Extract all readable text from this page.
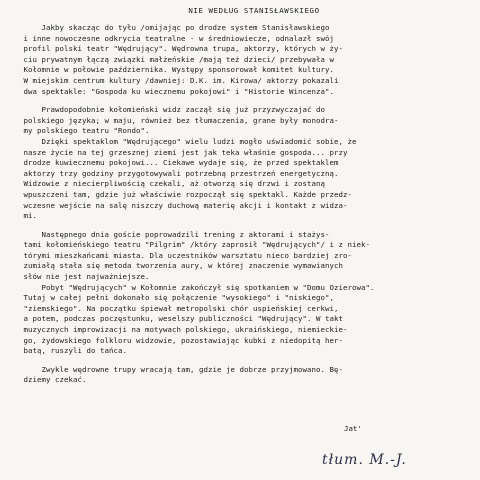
NIE WEDŁUG STANISŁAWSKIEGO
Jakby skacząc do tyłu /omijając po drodze system Stanisławskiego
i inne nowoczesne odkrycia teatralne - w średniowiecze, odnalazł swój
profil polski teatr "Wędrujący". Wędrowna trupa, aktorzy, których w ży-
ciu prywatnym łączą związki małżeńskie /mają też dzieci/ przebywała w
Kołomnie w połowie października. Występy sponsorował komitet kultury.
W miejskim centrum kultury /dawniej: D.K. im. Kirowa/ aktorzy pokazali
dwa spektakle: "Gospoda ku wiecznemu pokojowi" i "Historie Wincenza".
Prawdopodobnie kołomieński widz zaczął się już przyzwyczajać do
polskiego języka; w maju, również bez tłumaczenia, grane były monodra-
my polskiego teatru "Rondo".
Dzięki spektaklom "Wędrującego" wielu ludzi mogło uświadomić sobie, że
nasze życie na tej grzesznej ziemi jest jak teka właśnie gospoda... przy
drodze kuwiecznemu pokojowi... Ciekawe wydaje się, że przed spektaklem
aktorzy trzy godziny przygotowywali potrzebną przestrzeń energetyczną.
Widzowie z niecierpliwością czekali, aż otworzą się drzwi i zostaną
wpuszczeni tam, gdzie już właściwie rozpoczął się spektakl. Każde przedz-
wczesne wejście na salę niszczy duchową materię akcji i kontakt z widza-
mi.
Następnego dnia goście poprowadzili trening z aktorami i stażys-
tami kołomieńskiego teatru "Pilgrim" /który zaprosił "Wędrujących"/ i z niek-
tórymi mieszkańcami miasta. Dla uczestników warsztatu nieco bardziej zro-
zumiałą stała się metoda tworzenia aury, w której znaczenie wymawianych
słów nie jest najważniejsze.
Pobyt "Wędrujących" w Kołomnie zakończył się spotkaniem w "Domu Ozierowa".
Tutaj w całej pełni dokonało się połączenie "wysokiego" i "niskiego",
"ziemskiego". Na początku śpiewał metropolski chór uspieńskiej cerkwi,
a potem, podczas poczęstunku, weselszy publiczności "Wędrujący". W takt
muzycznych improwizacji na motywach polskiego, ukraińskiego, niemieckie-
go, żydowskiego folkloru widzowie, pozostawiając kubki z niedopitą her-
batą, ruszyli do tańca.
Zwykle wędrowne trupy wracają tam, gdzie je dobrze przyjmowano. Bę-
dziemy czekać.
Jat'
tłum. M.-J.
